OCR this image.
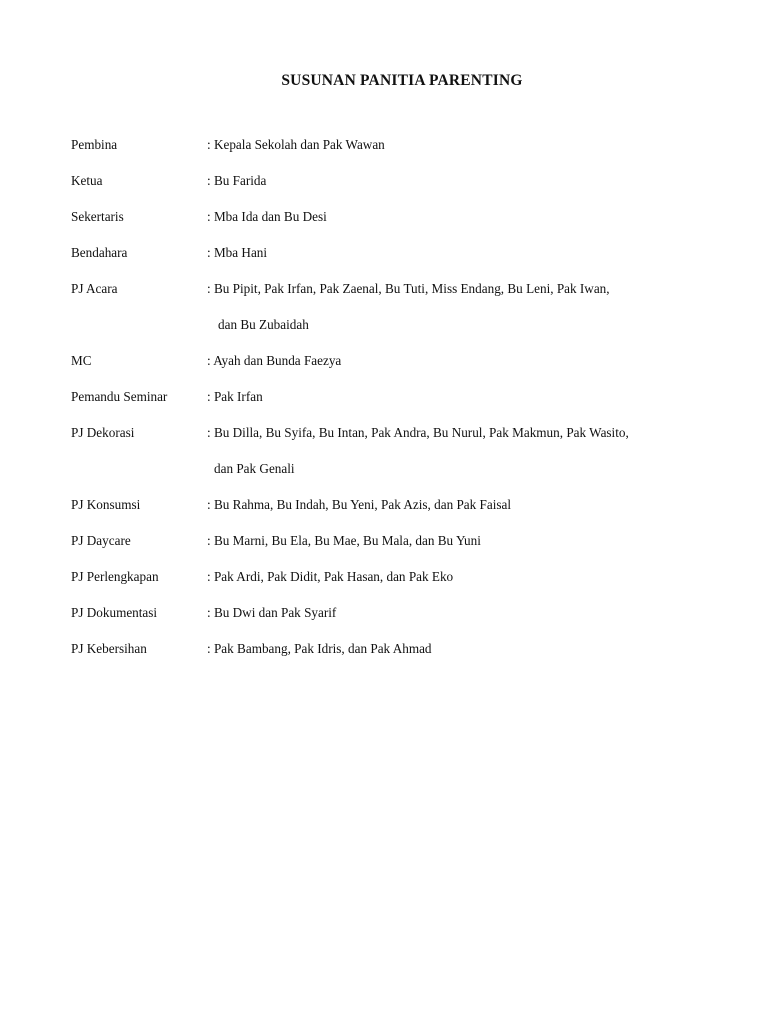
SUSUNAN PANITIA PARENTING
Pembina	: Kepala Sekolah dan Pak Wawan
Ketua	: Bu Farida
Sekertaris	: Mba Ida dan Bu Desi
Bendahara	: Mba Hani
PJ Acara	: Bu Pipit, Pak Irfan, Pak Zaenal, Bu Tuti, Miss Endang, Bu Leni, Pak Iwan,
dan Bu Zubaidah
MC	: Ayah dan Bunda Faezya
Pemandu Seminar	: Pak Irfan
PJ Dekorasi	: Bu Dilla, Bu Syifa, Bu Intan, Pak Andra, Bu Nurul, Pak Makmun, Pak Wasito,
dan Pak Genali
PJ Konsumsi	: Bu Rahma, Bu Indah, Bu Yeni, Pak Azis, dan Pak Faisal
PJ Daycare	: Bu Marni, Bu Ela, Bu Mae, Bu Mala, dan Bu Yuni
PJ Perlengkapan	: Pak Ardi, Pak Didit, Pak Hasan, dan Pak Eko
PJ Dokumentasi	: Bu Dwi dan Pak Syarif
PJ Kebersihan	: Pak Bambang, Pak Idris, dan Pak Ahmad
